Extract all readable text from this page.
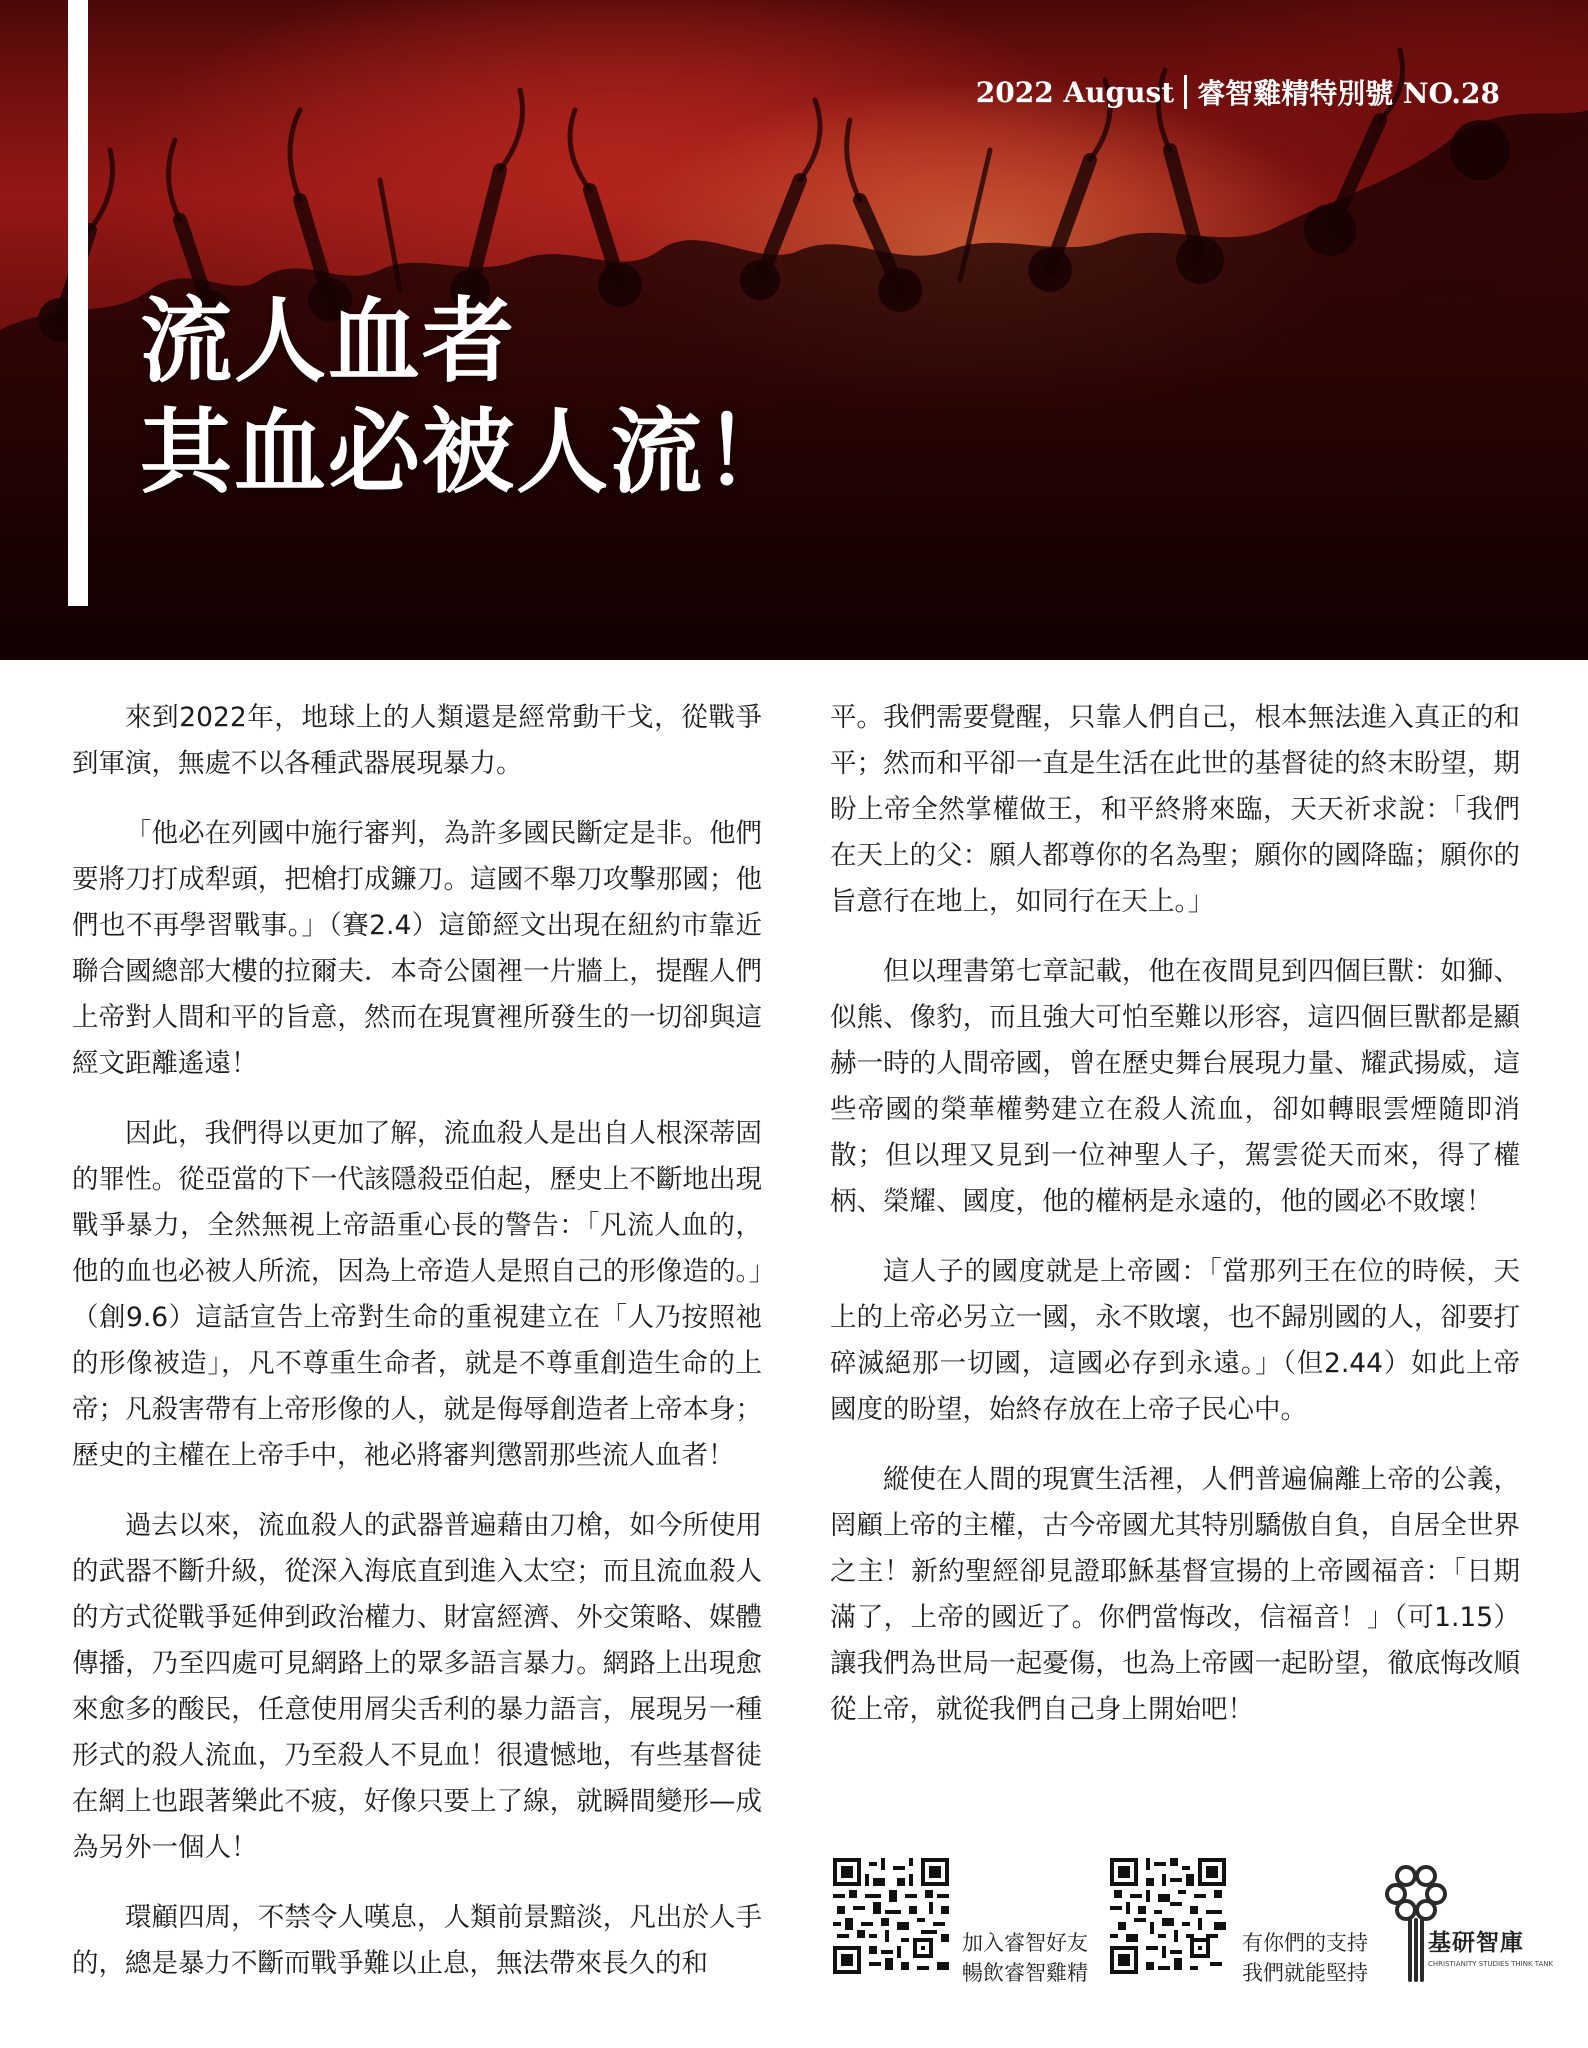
2022 August 睿智雞精特別號 NO.28
流人血者
其血必被人流！

來到2022年，地球上的人類還是經常動干戈，從戰爭到軍演，無處不以各種武器展現暴力。

「他必在列國中施行審判，為許多國民斷定是非。他們要將刀打成犁頭，把槍打成鐮刀。這國不舉刀攻擊那國；他們也不再學習戰事。」（賽2.4）這節經文出現在紐約市靠近聯合國總部大樓的拉爾夫．本奇公園裡一片牆上，提醒人們上帝對人間和平的旨意，然而在現實裡所發生的一切卻與這經文距離遙遠！

因此，我們得以更加了解，流血殺人是出自人根深蒂固的罪性。從亞當的下一代該隱殺亞伯起，歷史上不斷地出現戰爭暴力，全然無視上帝語重心長的警告：「凡流人血的，他的血也必被人所流，因為上帝造人是照自己的形像造的。」（創9.6）這話宣告上帝對生命的重視建立在「人乃按照祂的形像被造」，凡不尊重生命者，就是不尊重創造生命的上帝；凡殺害帶有上帝形像的人，就是侮辱創造者上帝本身；歷史的主權在上帝手中，祂必將審判懲罰那些流人血者！

過去以來，流血殺人的武器普遍藉由刀槍，如今所使用的武器不斷升級，從深入海底直到進入太空；而且流血殺人的方式從戰爭延伸到政治權力、財富經濟、外交策略、媒體傳播，乃至四處可見網路上的眾多語言暴力。網路上出現愈來愈多的酸民，任意使用屑尖舌利的暴力語言，展現另一種形式的殺人流血，乃至殺人不見血！很遺憾地，有些基督徒在網上也跟著樂此不疲，好像只要上了線，就瞬間變形—成為另外一個人！

環顧四周，不禁令人嘆息，人類前景黯淡，凡出於人手的，總是暴力不斷而戰爭難以止息，無法帶來長久的和

平。我們需要覺醒，只靠人們自己，根本無法進入真正的和平；然而和平卻一直是生活在此世的基督徒的終末盼望，期盼上帝全然掌權做王，和平終將來臨，天天祈求說：「我們在天上的父：願人都尊你的名為聖；願你的國降臨；願你的旨意行在地上，如同行在天上。」

但以理書第七章記載，他在夜間見到四個巨獸：如獅、似熊、像豹，而且強大可怕至難以形容，這四個巨獸都是顯赫一時的人間帝國，曾在歷史舞台展現力量、耀武揚威，這些帝國的榮華權勢建立在殺人流血，卻如轉眼雲煙隨即消散；但以理又見到一位神聖人子，駕雲從天而來，得了權柄、榮耀、國度，他的權柄是永遠的，他的國必不敗壞！

這人子的國度就是上帝國：「當那列王在位的時候，天上的上帝必另立一國，永不敗壞，也不歸別國的人，卻要打碎滅絕那一切國，這國必存到永遠。」（但2.44）如此上帝國度的盼望，始終存放在上帝子民心中。

縱使在人間的現實生活裡，人們普遍偏離上帝的公義，罔顧上帝的主權，古今帝國尤其特別驕傲自負，自居全世界之主！新約聖經卻見證耶穌基督宣揚的上帝國福音：「日期滿了，上帝的國近了。你們當悔改，信福音！」（可1.15）讓我們為世局一起憂傷，也為上帝國一起盼望，徹底悔改順從上帝，就從我們自己身上開始吧！

加入睿智好友
暢飲睿智雞精
有你們的支持
我們就能堅持
基研智庫
CHRISTIANITY STUDIES THINK TANK
